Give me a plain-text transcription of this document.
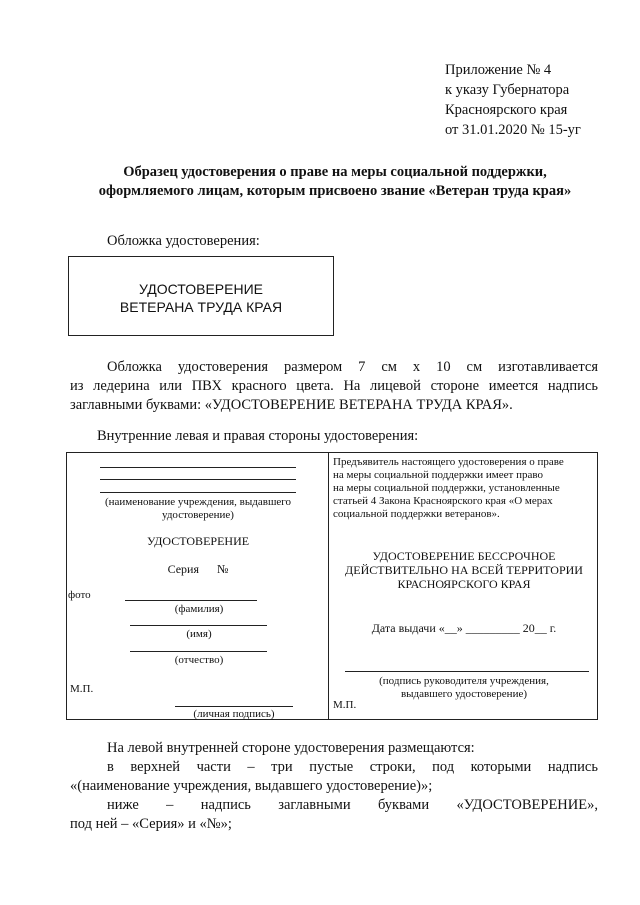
Приложение № 4
к указу Губернатора
Красноярского края
от 31.01.2020 № 15-уг
Образец удостоверения о праве на меры социальной поддержки,
оформляемого лицам, которым присвоено звание «Ветеран труда края»
Обложка удостоверения:
УДОСТОВЕРЕНИЕ
ВЕТЕРАНА ТРУДА КРАЯ
Обложка удостоверения размером 7 см х 10 см изготавливается
из ледерина или ПВХ красного цвета. На лицевой стороне имеется надпись
заглавными буквами: «УДОСТОВЕРЕНИЕ ВЕТЕРАНА ТРУДА КРАЯ».
Внутренние левая и правая стороны удостоверения:
(наименование учреждения, выдавшего
удостоверение)
УДОСТОВЕРЕНИЕ
Серия      №
фото
(фамилия)
(имя)
(отчество)
М.П.
(личная подпись)
Предъявитель настоящего удостоверения о праве
на меры социальной поддержки имеет право
на меры социальной поддержки, установленные
статьей 4 Закона Красноярского края «О мерах
социальной поддержки ветеранов».
УДОСТОВЕРЕНИЕ БЕССРОЧНОЕ
ДЕЙСТВИТЕЛЬНО НА ВСЕЙ ТЕРРИТОРИИ
КРАСНОЯРСКОГО КРАЯ
Дата выдачи «__» _________ 20__ г.
(подпись руководителя учреждения,
выдавшего удостоверение)
М.П.
На левой внутренней стороне удостоверения размещаются:
в верхней части – три пустые строки, под которыми надпись
«(наименование учреждения, выдавшего удостоверение)»;
ниже – надпись заглавными буквами «УДОСТОВЕРЕНИЕ»,
под ней – «Серия» и «№»;
